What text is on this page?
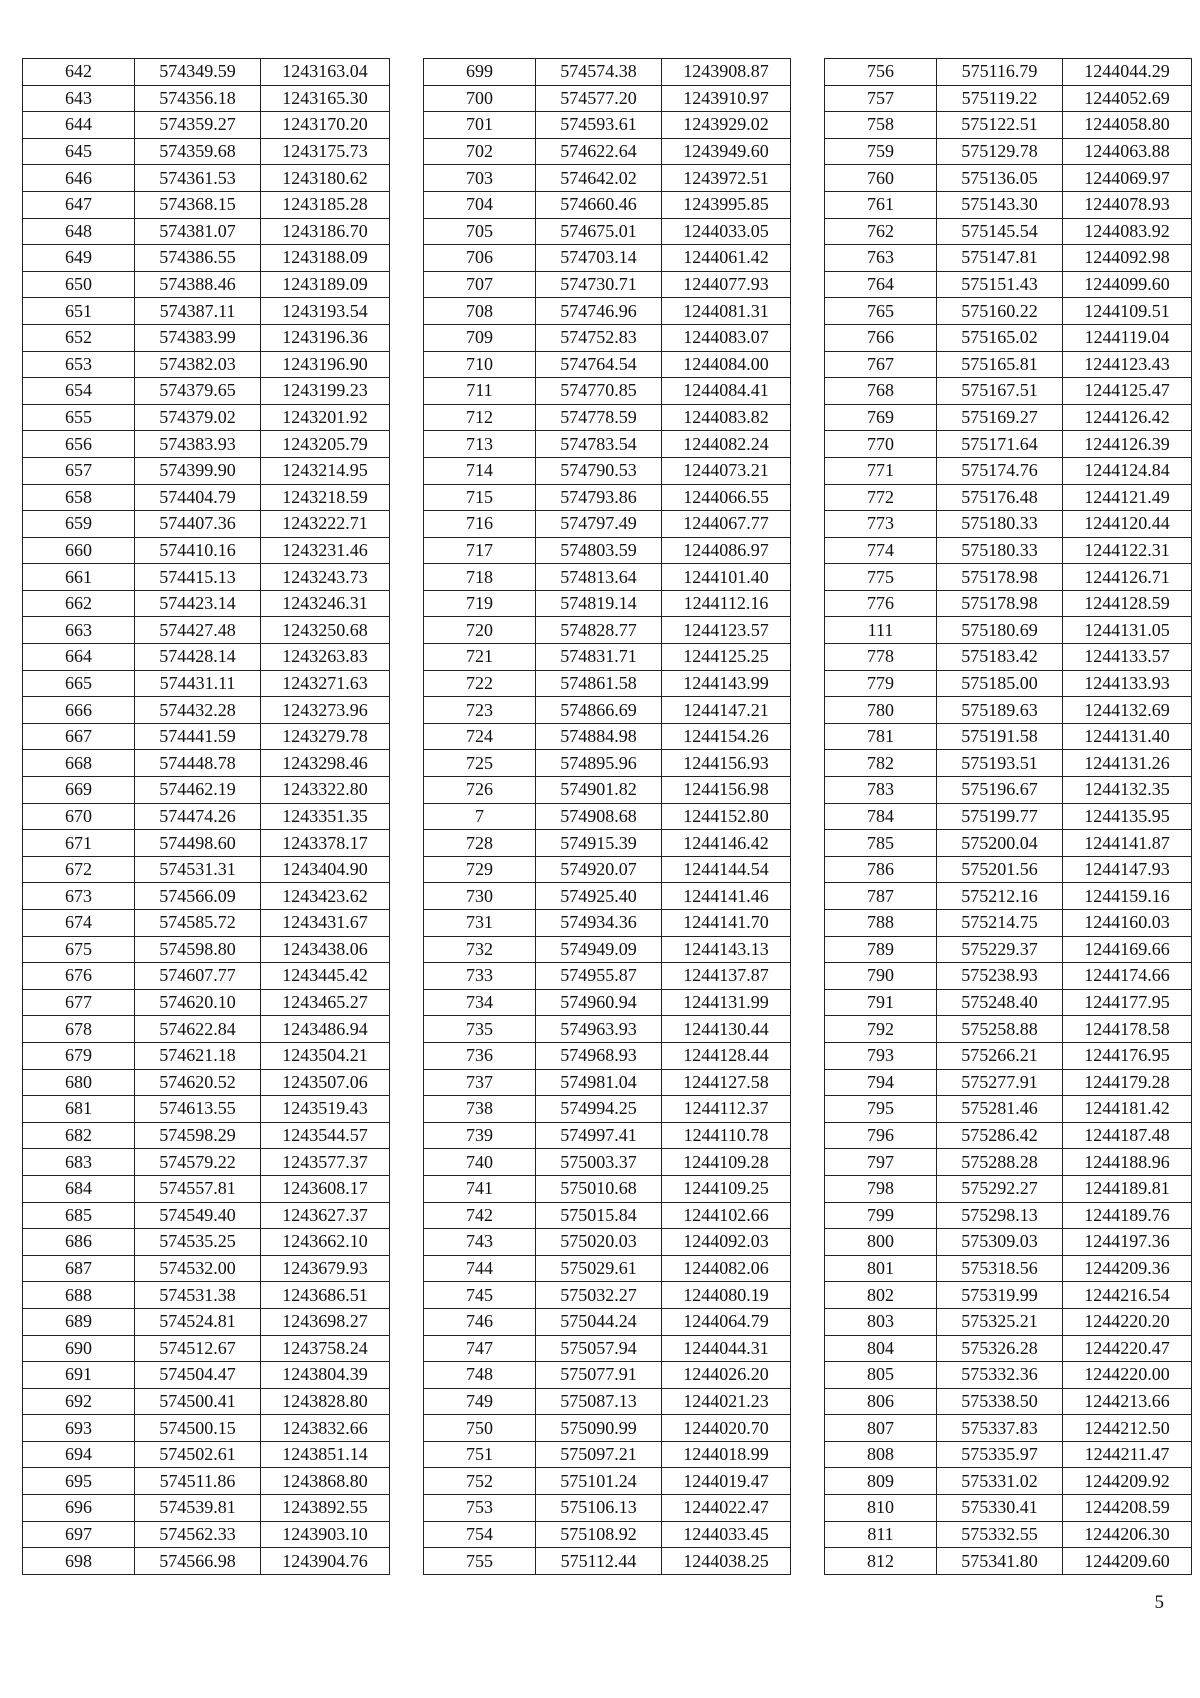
642	574349.59	1243163.04
643	574356.18	1243165.30
644	574359.27	1243170.20
645	574359.68	1243175.73
646	574361.53	1243180.62
647	574368.15	1243185.28
648	574381.07	1243186.70
649	574386.55	1243188.09
650	574388.46	1243189.09
651	574387.11	1243193.54
652	574383.99	1243196.36
653	574382.03	1243196.90
654	574379.65	1243199.23
655	574379.02	1243201.92
656	574383.93	1243205.79
657	574399.90	1243214.95
658	574404.79	1243218.59
659	574407.36	1243222.71
660	574410.16	1243231.46
661	574415.13	1243243.73
662	574423.14	1243246.31
663	574427.48	1243250.68
664	574428.14	1243263.83
665	574431.11	1243271.63
666	574432.28	1243273.96
667	574441.59	1243279.78
668	574448.78	1243298.46
669	574462.19	1243322.80
670	574474.26	1243351.35
671	574498.60	1243378.17
672	574531.31	1243404.90
673	574566.09	1243423.62
674	574585.72	1243431.67
675	574598.80	1243438.06
676	574607.77	1243445.42
677	574620.10	1243465.27
678	574622.84	1243486.94
679	574621.18	1243504.21
680	574620.52	1243507.06
681	574613.55	1243519.43
682	574598.29	1243544.57
683	574579.22	1243577.37
684	574557.81	1243608.17
685	574549.40	1243627.37
686	574535.25	1243662.10
687	574532.00	1243679.93
688	574531.38	1243686.51
689	574524.81	1243698.27
690	574512.67	1243758.24
691	574504.47	1243804.39
692	574500.41	1243828.80
693	574500.15	1243832.66
694	574502.61	1243851.14
695	574511.86	1243868.80
696	574539.81	1243892.55
697	574562.33	1243903.10
698	574566.98	1243904.76
699	574574.38	1243908.87
700	574577.20	1243910.97
701	574593.61	1243929.02
702	574622.64	1243949.60
703	574642.02	1243972.51
704	574660.46	1243995.85
705	574675.01	1244033.05
706	574703.14	1244061.42
707	574730.71	1244077.93
708	574746.96	1244081.31
709	574752.83	1244083.07
710	574764.54	1244084.00
711	574770.85	1244084.41
712	574778.59	1244083.82
713	574783.54	1244082.24
714	574790.53	1244073.21
715	574793.86	1244066.55
716	574797.49	1244067.77
717	574803.59	1244086.97
718	574813.64	1244101.40
719	574819.14	1244112.16
720	574828.77	1244123.57
721	574831.71	1244125.25
722	574861.58	1244143.99
723	574866.69	1244147.21
724	574884.98	1244154.26
725	574895.96	1244156.93
726	574901.82	1244156.98
7	574908.68	1244152.80
728	574915.39	1244146.42
729	574920.07	1244144.54
730	574925.40	1244141.46
731	574934.36	1244141.70
732	574949.09	1244143.13
733	574955.87	1244137.87
734	574960.94	1244131.99
735	574963.93	1244130.44
736	574968.93	1244128.44
737	574981.04	1244127.58
738	574994.25	1244112.37
739	574997.41	1244110.78
740	575003.37	1244109.28
741	575010.68	1244109.25
742	575015.84	1244102.66
743	575020.03	1244092.03
744	575029.61	1244082.06
745	575032.27	1244080.19
746	575044.24	1244064.79
747	575057.94	1244044.31
748	575077.91	1244026.20
749	575087.13	1244021.23
750	575090.99	1244020.70
751	575097.21	1244018.99
752	575101.24	1244019.47
753	575106.13	1244022.47
754	575108.92	1244033.45
755	575112.44	1244038.25
756	575116.79	1244044.29
757	575119.22	1244052.69
758	575122.51	1244058.80
759	575129.78	1244063.88
760	575136.05	1244069.97
761	575143.30	1244078.93
762	575145.54	1244083.92
763	575147.81	1244092.98
764	575151.43	1244099.60
765	575160.22	1244109.51
766	575165.02	1244119.04
767	575165.81	1244123.43
768	575167.51	1244125.47
769	575169.27	1244126.42
770	575171.64	1244126.39
771	575174.76	1244124.84
772	575176.48	1244121.49
773	575180.33	1244120.44
774	575180.33	1244122.31
775	575178.98	1244126.71
776	575178.98	1244128.59
111	575180.69	1244131.05
778	575183.42	1244133.57
779	575185.00	1244133.93
780	575189.63	1244132.69
781	575191.58	1244131.40
782	575193.51	1244131.26
783	575196.67	1244132.35
784	575199.77	1244135.95
785	575200.04	1244141.87
786	575201.56	1244147.93
787	575212.16	1244159.16
788	575214.75	1244160.03
789	575229.37	1244169.66
790	575238.93	1244174.66
791	575248.40	1244177.95
792	575258.88	1244178.58
793	575266.21	1244176.95
794	575277.91	1244179.28
795	575281.46	1244181.42
796	575286.42	1244187.48
797	575288.28	1244188.96
798	575292.27	1244189.81
799	575298.13	1244189.76
800	575309.03	1244197.36
801	575318.56	1244209.36
802	575319.99	1244216.54
803	575325.21	1244220.20
804	575326.28	1244220.47
805	575332.36	1244220.00
806	575338.50	1244213.66
807	575337.83	1244212.50
808	575335.97	1244211.47
809	575331.02	1244209.92
810	575330.41	1244208.59
811	575332.55	1244206.30
812	575341.80	1244209.60
5
